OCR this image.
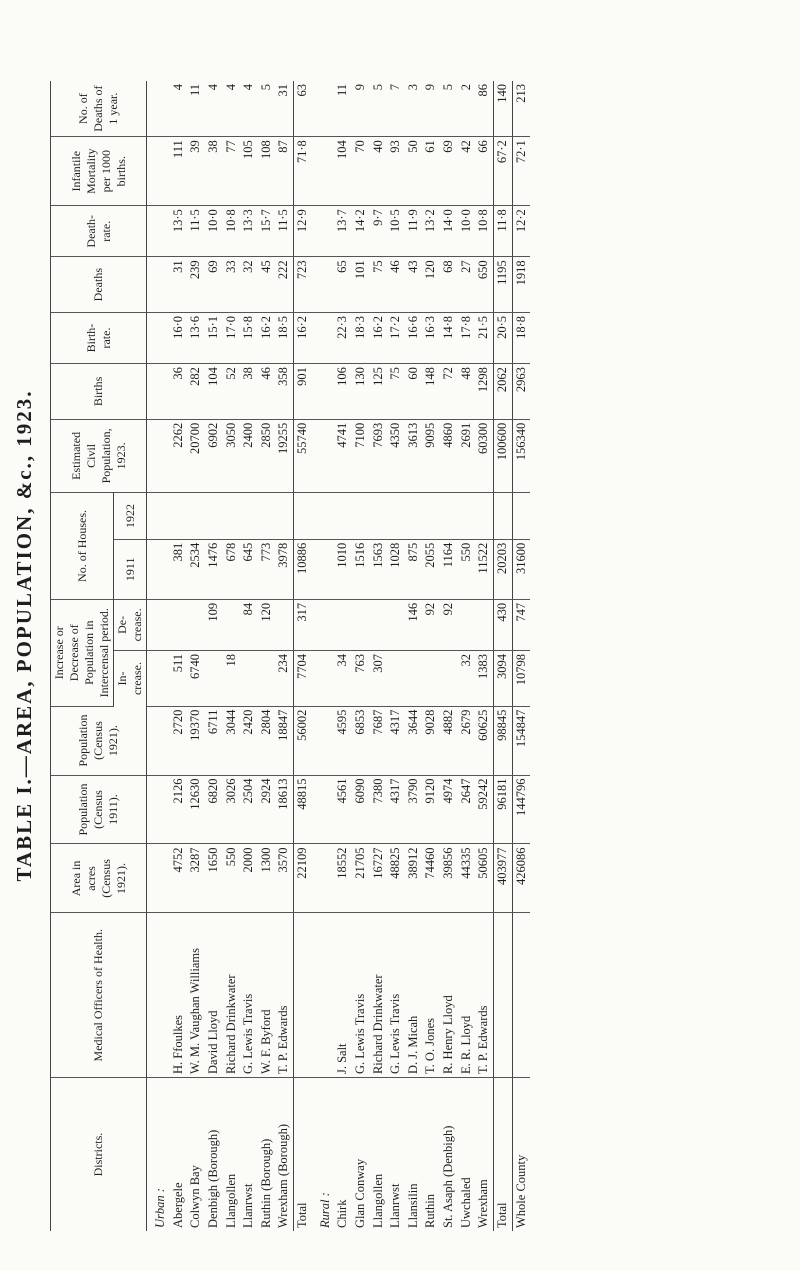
TABLE I.—AREA, POPULATION, &c., 1923.
Districts.	Medical Officers of Health.	Area in acres (Census 1921).	Population (Census 1911).	Population (Census 1921).	Increase or Decrease of Population in Intercensal period.		No. of Houses.		Estimated Civil Population, 1923.	Births	Birth- rate.	Deaths	Death- rate.	Infantile Mortality per 1000 births.	No. of Deaths of 1 year.
					In- crease.	De- crease.	1911	1922							
Urban :															
Abergele	H. Ffoulkes	4752	2126	2720	511		381		2262	36	16·0	31	13·5	111	4
Colwyn Bay	W. M. Vaughan Williams	3287	12630	19370	6740		2534		20700	282	13·6	239	11·5	39	11
Denbigh (Borough)	David Lloyd	1650	6820	6711		109	1476		6902	104	15·1	69	10·0	38	4
Llangollen	Richard Drinkwater	550	3026	3044	18		678		3050	52	17·0	33	10·8	77	4
Llanrwst	G. Lewis Travis	2000	2504	2420		84	645		2400	38	15·8	32	13·3	105	4
Ruthin (Borough)	W. F. Byford	1300	2924	2804		120	773		2850	46	16·2	45	15·7	108	5
Wrexham (Borough)	T. P. Edwards	3570	18613	18847	234		3978		19255	358	18·5	222	11·5	87	31
Total		22109	48815	56002	7704	317	10886		55740	901	16·2	723	12·9	71·8	63
Rural :															
Chirk	J. Salt	18552	4561	4595	34		1010		4741	106	22·3	65	13·7	104	11
Glan Conway	G. Lewis Travis	21705	6090	6853	763		1516		7100	130	18·3	101	14·2	70	9
Llangollen	Richard Drinkwater	16727	7380	7687	307		1563		7693	125	16·2	75	9·7	40	5
Llanrwst	G. Lewis Travis	48825	4317	4317			1028		4350	75	17·2	46	10·5	93	7
Llansilin	D. J. Micah	38912	3790	3644		146	875		3613	60	16·6	43	11·9	50	3
Ruthin	T. O. Jones	74460	9120	9028		92	2055		9095	148	16·3	120	13·2	61	9
St. Asaph (Denbigh)	R. Henry Lloyd	39856	4974	4882		92	1164		4860	72	14·8	68	14·0	69	5
Uwchaled	E. R. Lloyd	44335	2647	2679	32		550		2691	48	17·8	27	10·0	42	2
Wrexham	T. P. Edwards	50605	59242	60625	1383		11522		60300	1298	21·5	650	10·8	66	86
Total		403977	96181	98845	3094	430	20203		100600	2062	20·5	1195	11·8	67·2	140
Whole County		426086	144796	154847	10798	747	31600		156340	2963	18·8	1918	12·2	72·1	213
